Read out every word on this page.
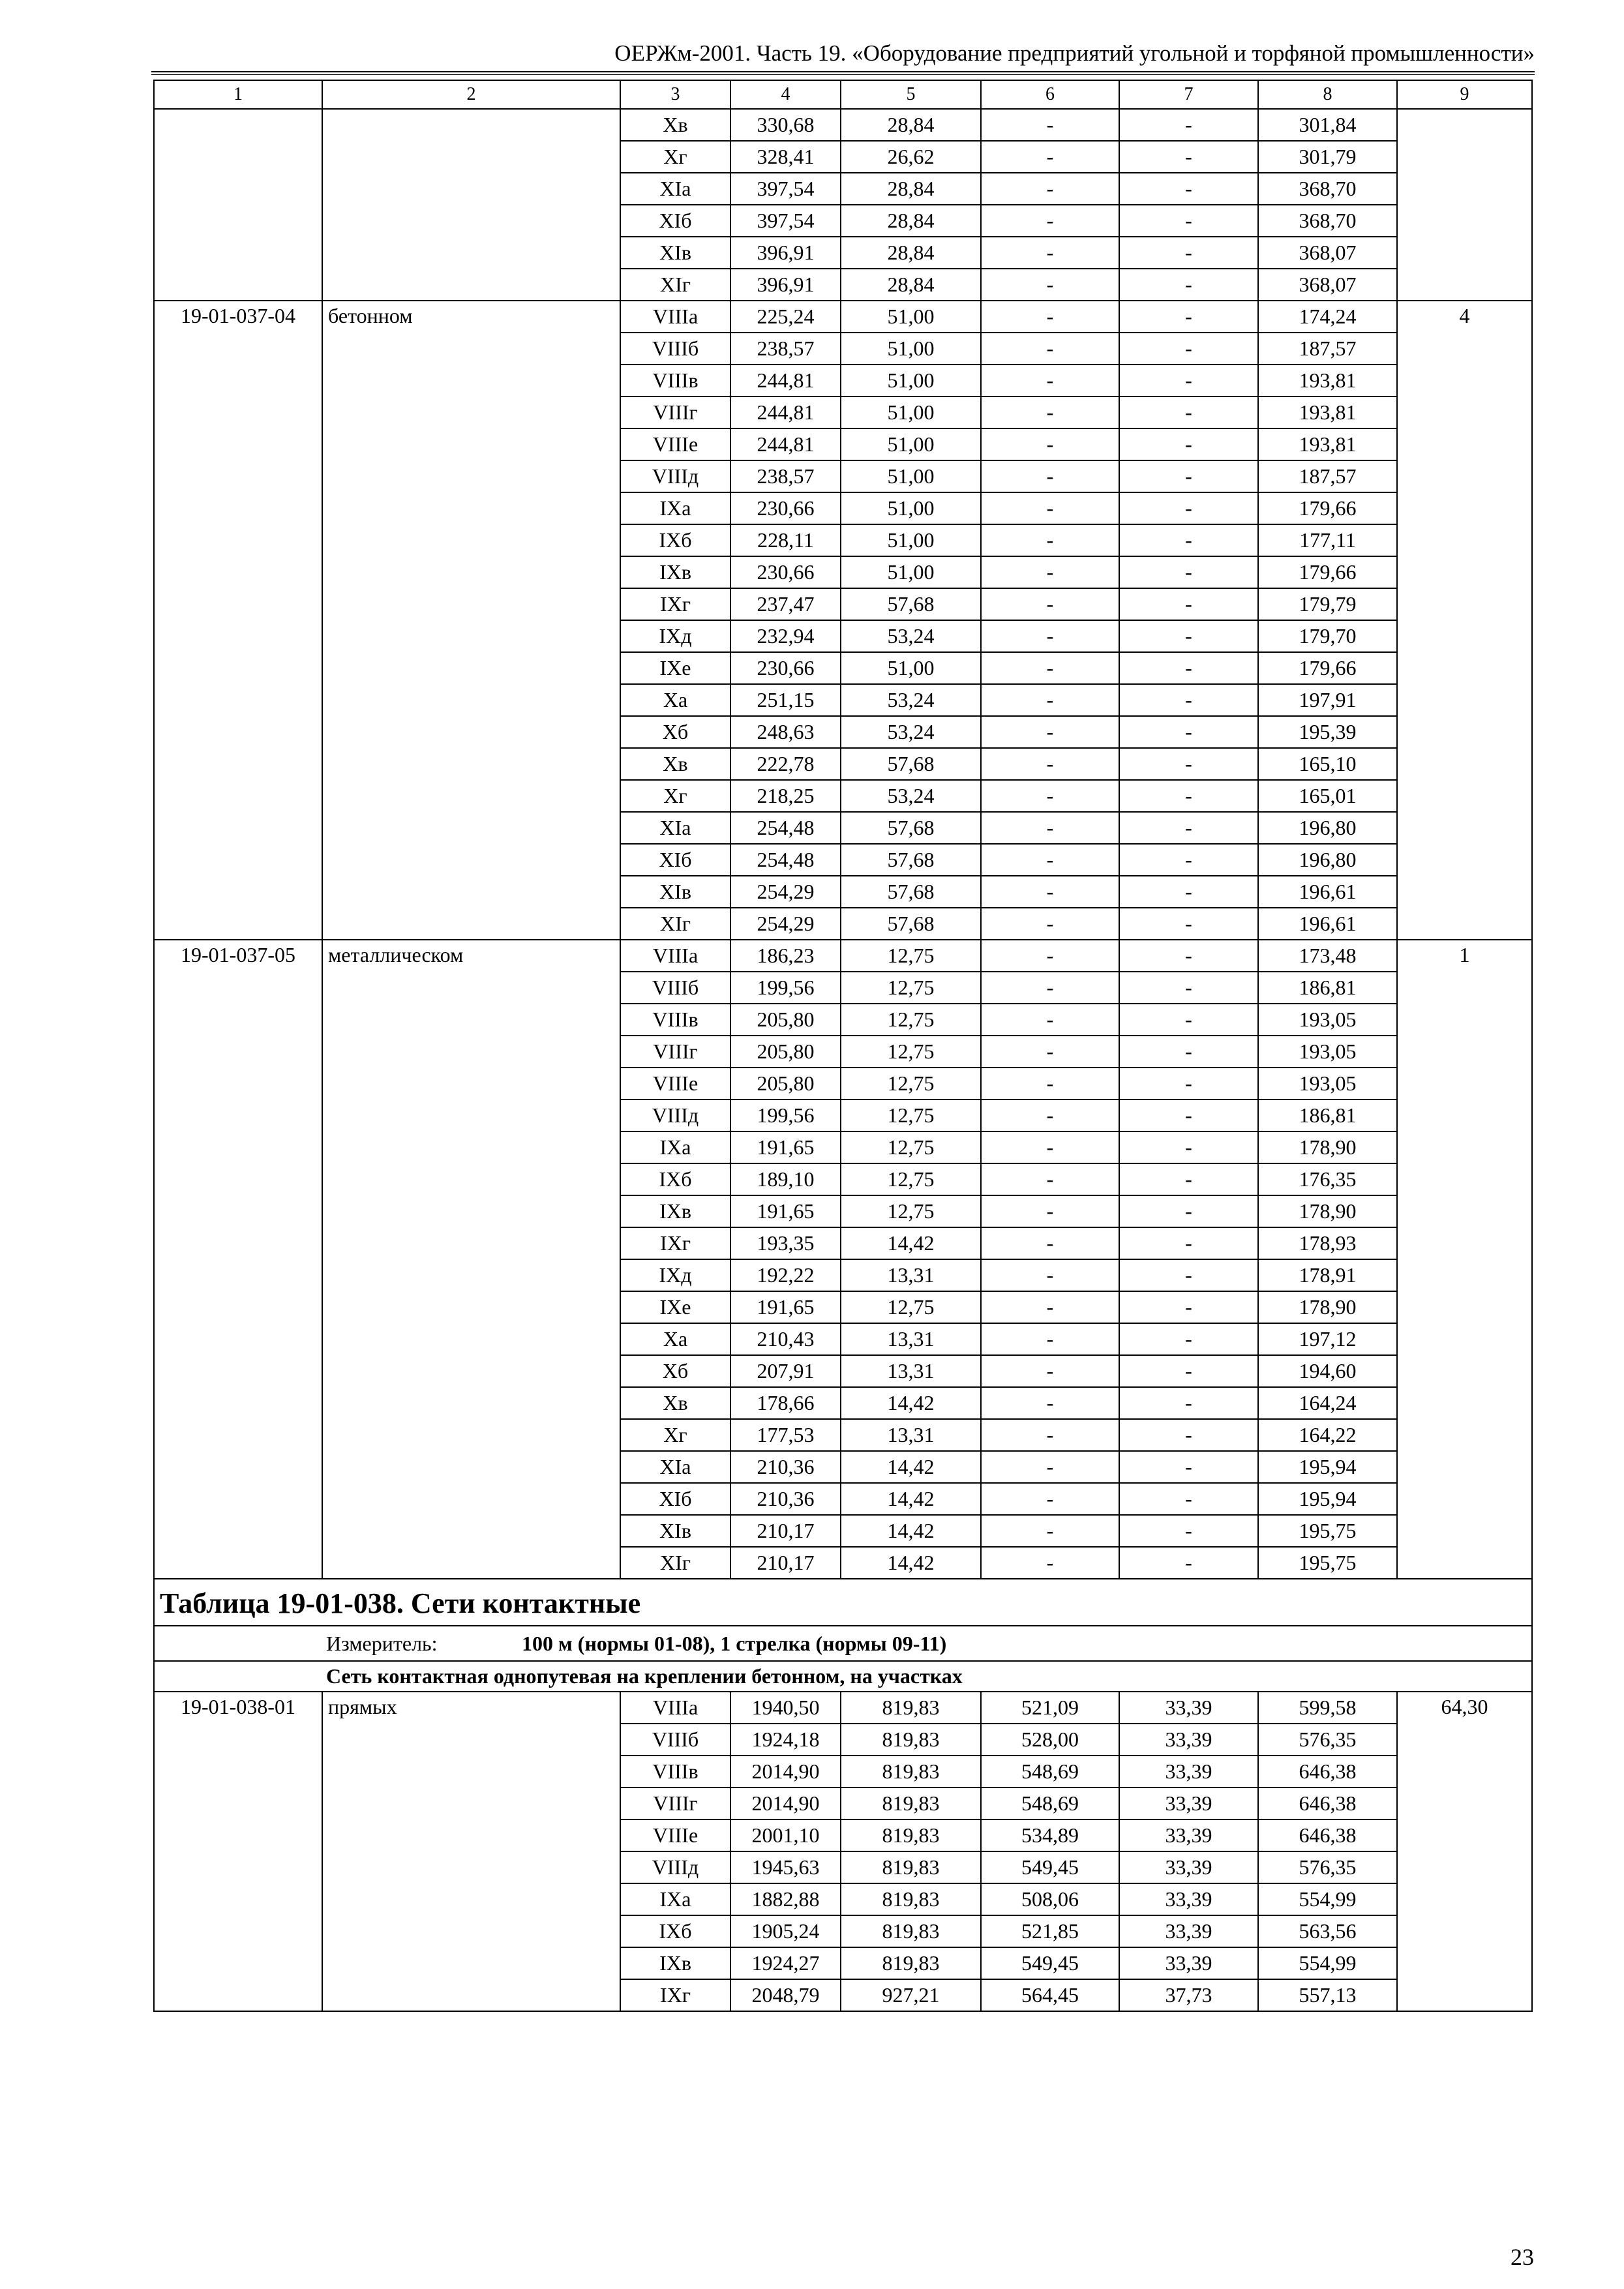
ОЕРЖм-2001. Часть 19. «Оборудование предприятий угольной и торфяной промышленности»
1	2	3	4	5	6	7	8	9
		Хв	330,68	28,84	-	-	301,84	
		Хг	328,41	26,62	-	-	301,79	
		ХIа	397,54	28,84	-	-	368,70	
		ХIб	397,54	28,84	-	-	368,70	
		ХIв	396,91	28,84	-	-	368,07	
		ХIг	396,91	28,84	-	-	368,07	
19-01-037-04	бетонном	VIIIа	225,24	51,00	-	-	174,24	4
		VIIIб	238,57	51,00	-	-	187,57	
		VIIIв	244,81	51,00	-	-	193,81	
		VIIIг	244,81	51,00	-	-	193,81	
		VIIIе	244,81	51,00	-	-	193,81	
		VIIIд	238,57	51,00	-	-	187,57	
		IХа	230,66	51,00	-	-	179,66	
		IХб	228,11	51,00	-	-	177,11	
		IХв	230,66	51,00	-	-	179,66	
		IХг	237,47	57,68	-	-	179,79	
		IХд	232,94	53,24	-	-	179,70	
		IХе	230,66	51,00	-	-	179,66	
		Ха	251,15	53,24	-	-	197,91	
		Хб	248,63	53,24	-	-	195,39	
		Хв	222,78	57,68	-	-	165,10	
		Хг	218,25	53,24	-	-	165,01	
		ХIа	254,48	57,68	-	-	196,80	
		ХIб	254,48	57,68	-	-	196,80	
		ХIв	254,29	57,68	-	-	196,61	
		ХIг	254,29	57,68	-	-	196,61	
19-01-037-05	металлическом	VIIIа	186,23	12,75	-	-	173,48	1
		VIIIб	199,56	12,75	-	-	186,81	
		VIIIв	205,80	12,75	-	-	193,05	
		VIIIг	205,80	12,75	-	-	193,05	
		VIIIе	205,80	12,75	-	-	193,05	
		VIIIд	199,56	12,75	-	-	186,81	
		IХа	191,65	12,75	-	-	178,90	
		IХб	189,10	12,75	-	-	176,35	
		IХв	191,65	12,75	-	-	178,90	
		IХг	193,35	14,42	-	-	178,93	
		IХд	192,22	13,31	-	-	178,91	
		IХе	191,65	12,75	-	-	178,90	
		Ха	210,43	13,31	-	-	197,12	
		Хб	207,91	13,31	-	-	194,60	
		Хв	178,66	14,42	-	-	164,24	
		Хг	177,53	13,31	-	-	164,22	
		ХIа	210,36	14,42	-	-	195,94	
		ХIб	210,36	14,42	-	-	195,94	
		ХIв	210,17	14,42	-	-	195,75	
		ХIг	210,17	14,42	-	-	195,75	
Таблица 19-01-038. Сети контактные								
Измеритель: 100 м (нормы 01-08), 1 стрелка (нормы 09-11)								
Сеть контактная однопутевая на креплении бетонном, на участках								
19-01-038-01	прямых	VIIIа	1940,50	819,83	521,09	33,39	599,58	64,30
		VIIIб	1924,18	819,83	528,00	33,39	576,35	
		VIIIв	2014,90	819,83	548,69	33,39	646,38	
		VIIIг	2014,90	819,83	548,69	33,39	646,38	
		VIIIе	2001,10	819,83	534,89	33,39	646,38	
		VIIIд	1945,63	819,83	549,45	33,39	576,35	
		IХа	1882,88	819,83	508,06	33,39	554,99	
		IХб	1905,24	819,83	521,85	33,39	563,56	
		IХв	1924,27	819,83	549,45	33,39	554,99	
		IХг	2048,79	927,21	564,45	37,73	557,13	
23
